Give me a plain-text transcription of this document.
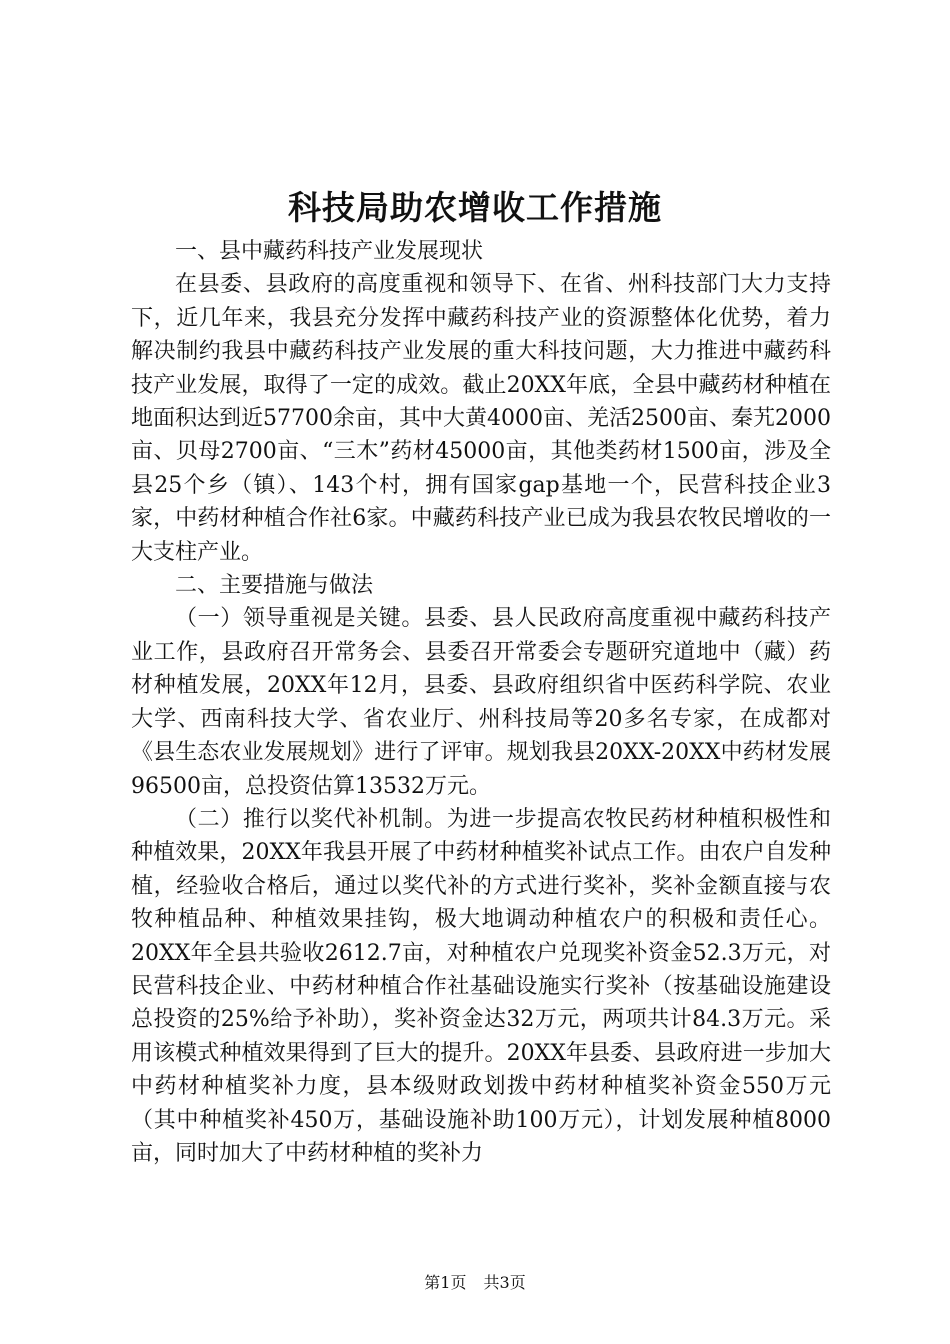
科技局助农增收工作措施

一、县中藏药科技产业发展现状

在县委、县政府的高度重视和领导下、在省、州科技部门大力支持下，近几年来，我县充分发挥中藏药科技产业的资源整体化优势，着力解决制约我县中藏药科技产业发展的重大科技问题，大力推进中藏药科技产业发展，取得了一定的成效。截止20XX年底，全县中藏药材种植在地面积达到近57700余亩，其中大黄4000亩、羌活2500亩、秦艽2000亩、贝母2700亩、“三木”药材45000亩，其他类药材1500亩，涉及全县25个乡（镇）、143个村，拥有国家gap基地一个，民营科技企业3家，中药材种植合作社6家。中藏药科技产业已成为我县农牧民增收的一大支柱产业。

二、主要措施与做法

（一）领导重视是关键。县委、县人民政府高度重视中藏药科技产业工作，县政府召开常务会、县委召开常委会专题研究道地中（藏）药材种植发展，20XX年12月，县委、县政府组织省中医药科学院、农业大学、西南科技大学、省农业厅、州科技局等20多名专家，在成都对《县生态农业发展规划》进行了评审。规划我县20XX-20XX中药材发展96500亩，总投资估算13532万元。

（二）推行以奖代补机制。为进一步提高农牧民药材种植积极性和种植效果，20XX年我县开展了中药材种植奖补试点工作。由农户自发种植，经验收合格后，通过以奖代补的方式进行奖补，奖补金额直接与农牧种植品种、种植效果挂钩，极大地调动种植农户的积极和责任心。20XX年全县共验收2612.7亩，对种植农户兑现奖补资金52.3万元，对民营科技企业、中药材种植合作社基础设施实行奖补（按基础设施建设总投资的25%给予补助），奖补资金达32万元，两项共计84.3万元。采用该模式种植效果得到了巨大的提升。20XX年县委、县政府进一步加大中药材种植奖补力度，县本级财政划拨中药材种植奖补资金550万元（其中种植奖补450万，基础设施补助100万元），计划发展种植8000亩，同时加大了中药材种植的奖补力

第1页 共3页
